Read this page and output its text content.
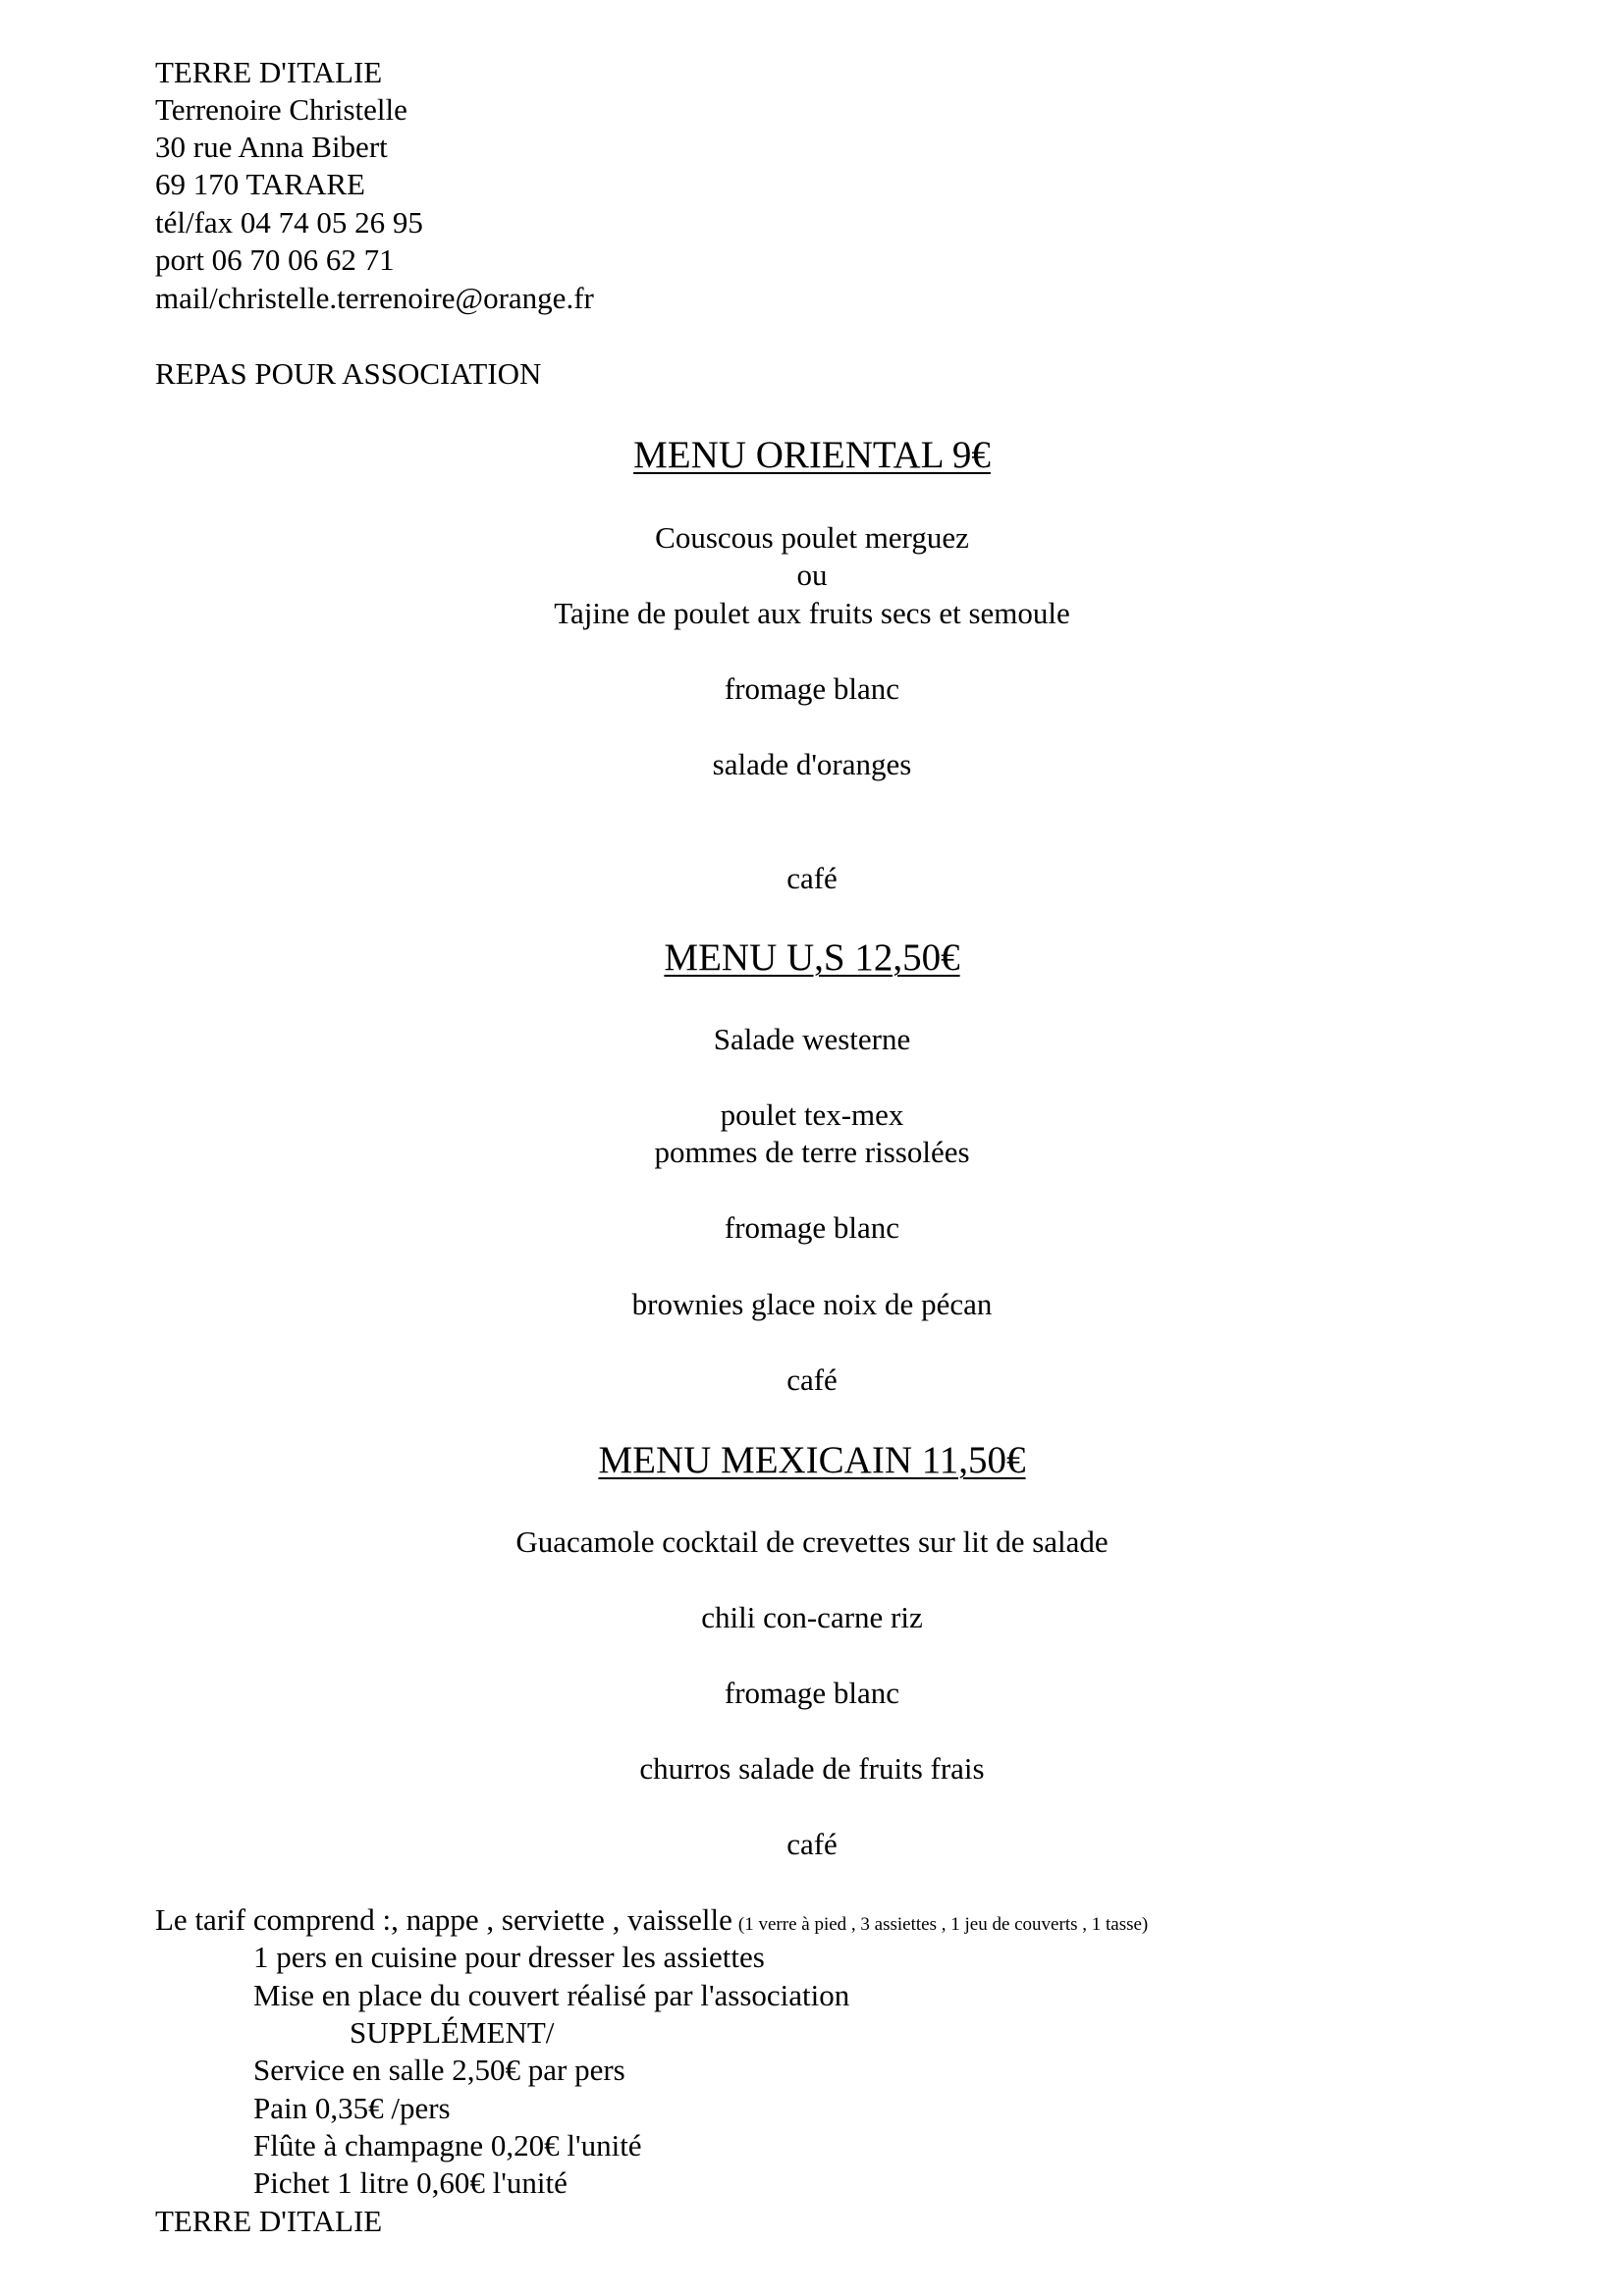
TERRE D'ITALIE
Terrenoire Christelle
30 rue Anna Bibert
69 170 TARARE
tél/fax 04 74 05 26 95
port 06 70 06 62 71
mail/christelle.terrenoire@orange.fr
REPAS POUR ASSOCIATION
MENU ORIENTAL 9€
Couscous poulet merguez
ou
Tajine de poulet aux fruits secs et semoule
fromage blanc
salade d'oranges
café
MENU U,S 12,50€
Salade westerne
poulet tex-mex
pommes de terre rissolées
fromage blanc
brownies glace noix de pécan
café
MENU MEXICAIN 11,50€
Guacamole cocktail de crevettes sur lit de salade
chili con-carne riz
fromage blanc
churros salade de fruits frais
café
Le tarif comprend :, nappe , serviette , vaisselle (1 verre à pied , 3 assiettes , 1 jeu de couverts , 1 tasse)
1 pers en cuisine pour dresser les assiettes
Mise en place du couvert réalisé par l'association
SUPPLÉMENT/
Service en salle 2,50€ par pers
Pain 0,35€ /pers
Flûte à champagne 0,20€ l'unité
Pichet 1 litre 0,60€ l'unité
TERRE D'ITALIE
